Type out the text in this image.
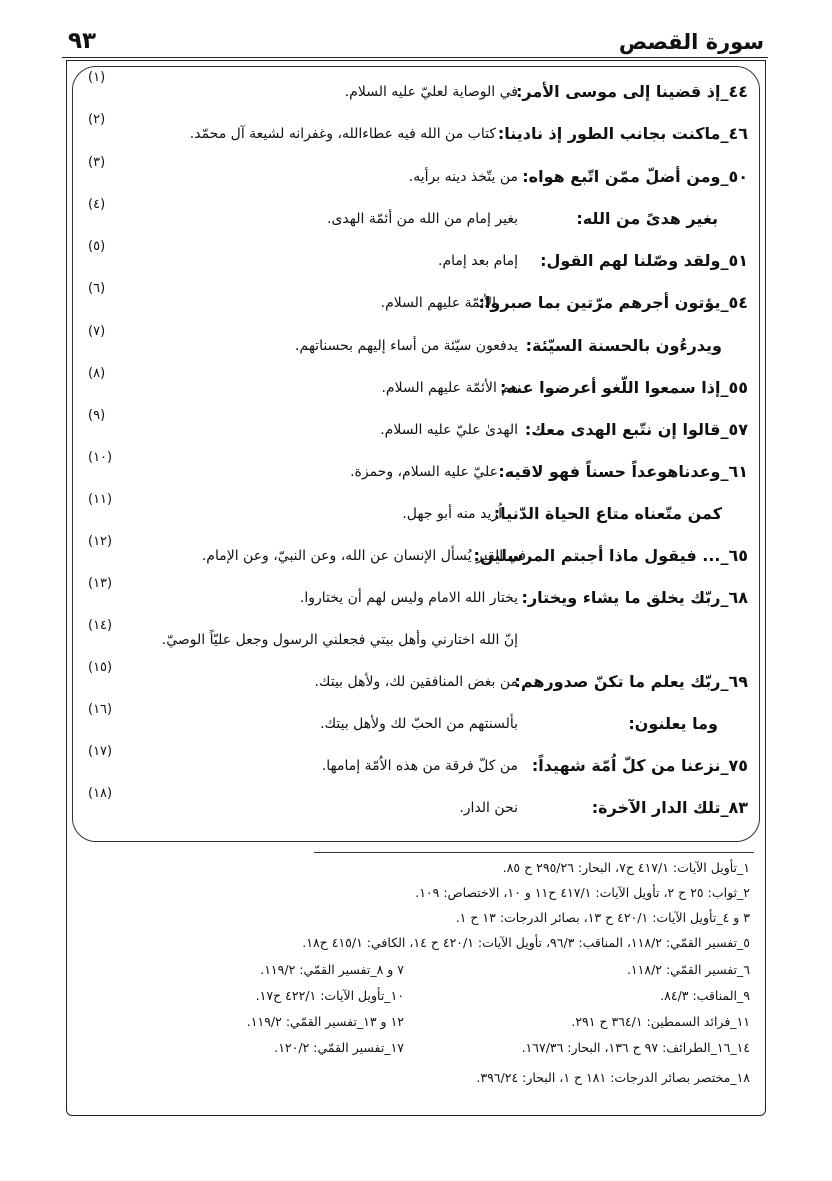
سورة القصص
٩٣
(١)
٤٤_إذ قضينا إلى موسى الأمر:
في الوصاية لعليّ عليه السلام.
(٢)
٤٦_ماكنت بجانب الطور إذ نادينا:
كتاب من الله فيه عطاءالله، وغفرانه لشيعة آل محمّد.
(٣)
٥٠_ومن أضلّ ممّن اتّبع هواه:
من يتّخذ دينه برأيه.
(٤)
بغير هدىً من الله:
بغير إمام من الله من أئمّة الهدى.
(٥)
٥١_ولقد وصّلنا لهم القول:
إمام بعد إمام.
(٦)
٥٤_يؤتون أجرهم مرّتين بما صبروا:
الأئمّة عليهم السلام.
(٧)
ويدرءُون بالحسنة السيّئة:
يدفعون سيّئة من أساء إليهم بحسناتهم.
(٨)
٥٥_إذا سمعوا اللّغو أعرضوا عنه:
هم الأئمّة عليهم السلام.
(٩)
٥٧_قالوا إن نتّبع الهدى معك:
الهدىٰ عليّ عليه السلام.
(١٠)
٦١_وعدناهوعداً حسناً فهو لاقيه:
عليّ عليه السلام، وحمزة.
(١١)
كمن متّعناه متاع الحياة الدّنيا:
اُريد منه أبو جهل.
(١٢)
٦٥_... فيقول ماذا أجبتم المرسلين:
في القبر يُسأل الإنسان عن الله، وعن النبيّ، وعن الإمام.
(١٣)
٦٨_ربّك يخلق ما يشاء ويختار:
يختار الله الامام وليس لهم أن يختاروا.
(١٤)
إنّ الله اختارني وأهل بيتي فجعلني الرسول وجعل عليّاً الوصيّ.
(١٥)
٦٩_ربّك يعلم ما تكنّ صدورهم:
من بغض المنافقين لك، ولأهل بيتك.
(١٦)
وما يعلنون:
بألسنتهم من الحبّ لك ولأهل بيتك.
(١٧)
٧٥_نزعنا من كلّ اُمّة شهيداً:
من كلّ فرقة من هذه الاُمّة إمامها.
(١٨)
٨٣_تلك الدار الآخرة:
نحن الدار.
١_تأويل الآيات: ٤١٧/١ ح٧، البحار: ٢٩٥/٢٦ ح ٨٥.
٢_ثواب: ٢٥ ح ٢، تأويل الآيات: ٤١٧/١ ح١١ و ١٠، الاختصاص: ١٠٩.
٣ و ٤_تأويل الآيات: ٤٢٠/١ ح ١٣، بصائر الدرجات: ١٣ ح ١.
٥_تفسير القمّي: ١١٨/٢، المناقب: ٩٦/٣، تأويل الآيات: ٤٢٠/١ ح ١٤، الكافي: ٤١٥/١ ح١٨.
٦_تفسير القمّي: ١١٨/٢.
٧ و ٨_تفسير القمّي: ١١٩/٢.
٩_المناقب: ٨٤/٣.
١٠_تأويل الآيات: ٤٢٢/١ ح١٧.
١١_فرائد السمطين: ٣٦٤/١ ح ٢٩١.
١٢ و ١٣_تفسير القمّي: ١١٩/٢.
١٤_١٦_الطرائف: ٩٧ ح ١٣٦، البحار: ١٦٧/٣٦.
١٧_تفسير القمّي: ١٢٠/٢.
١٨_مختصر بصائر الدرجات: ١٨١ ح ١، البحار: ٣٩٦/٢٤.
